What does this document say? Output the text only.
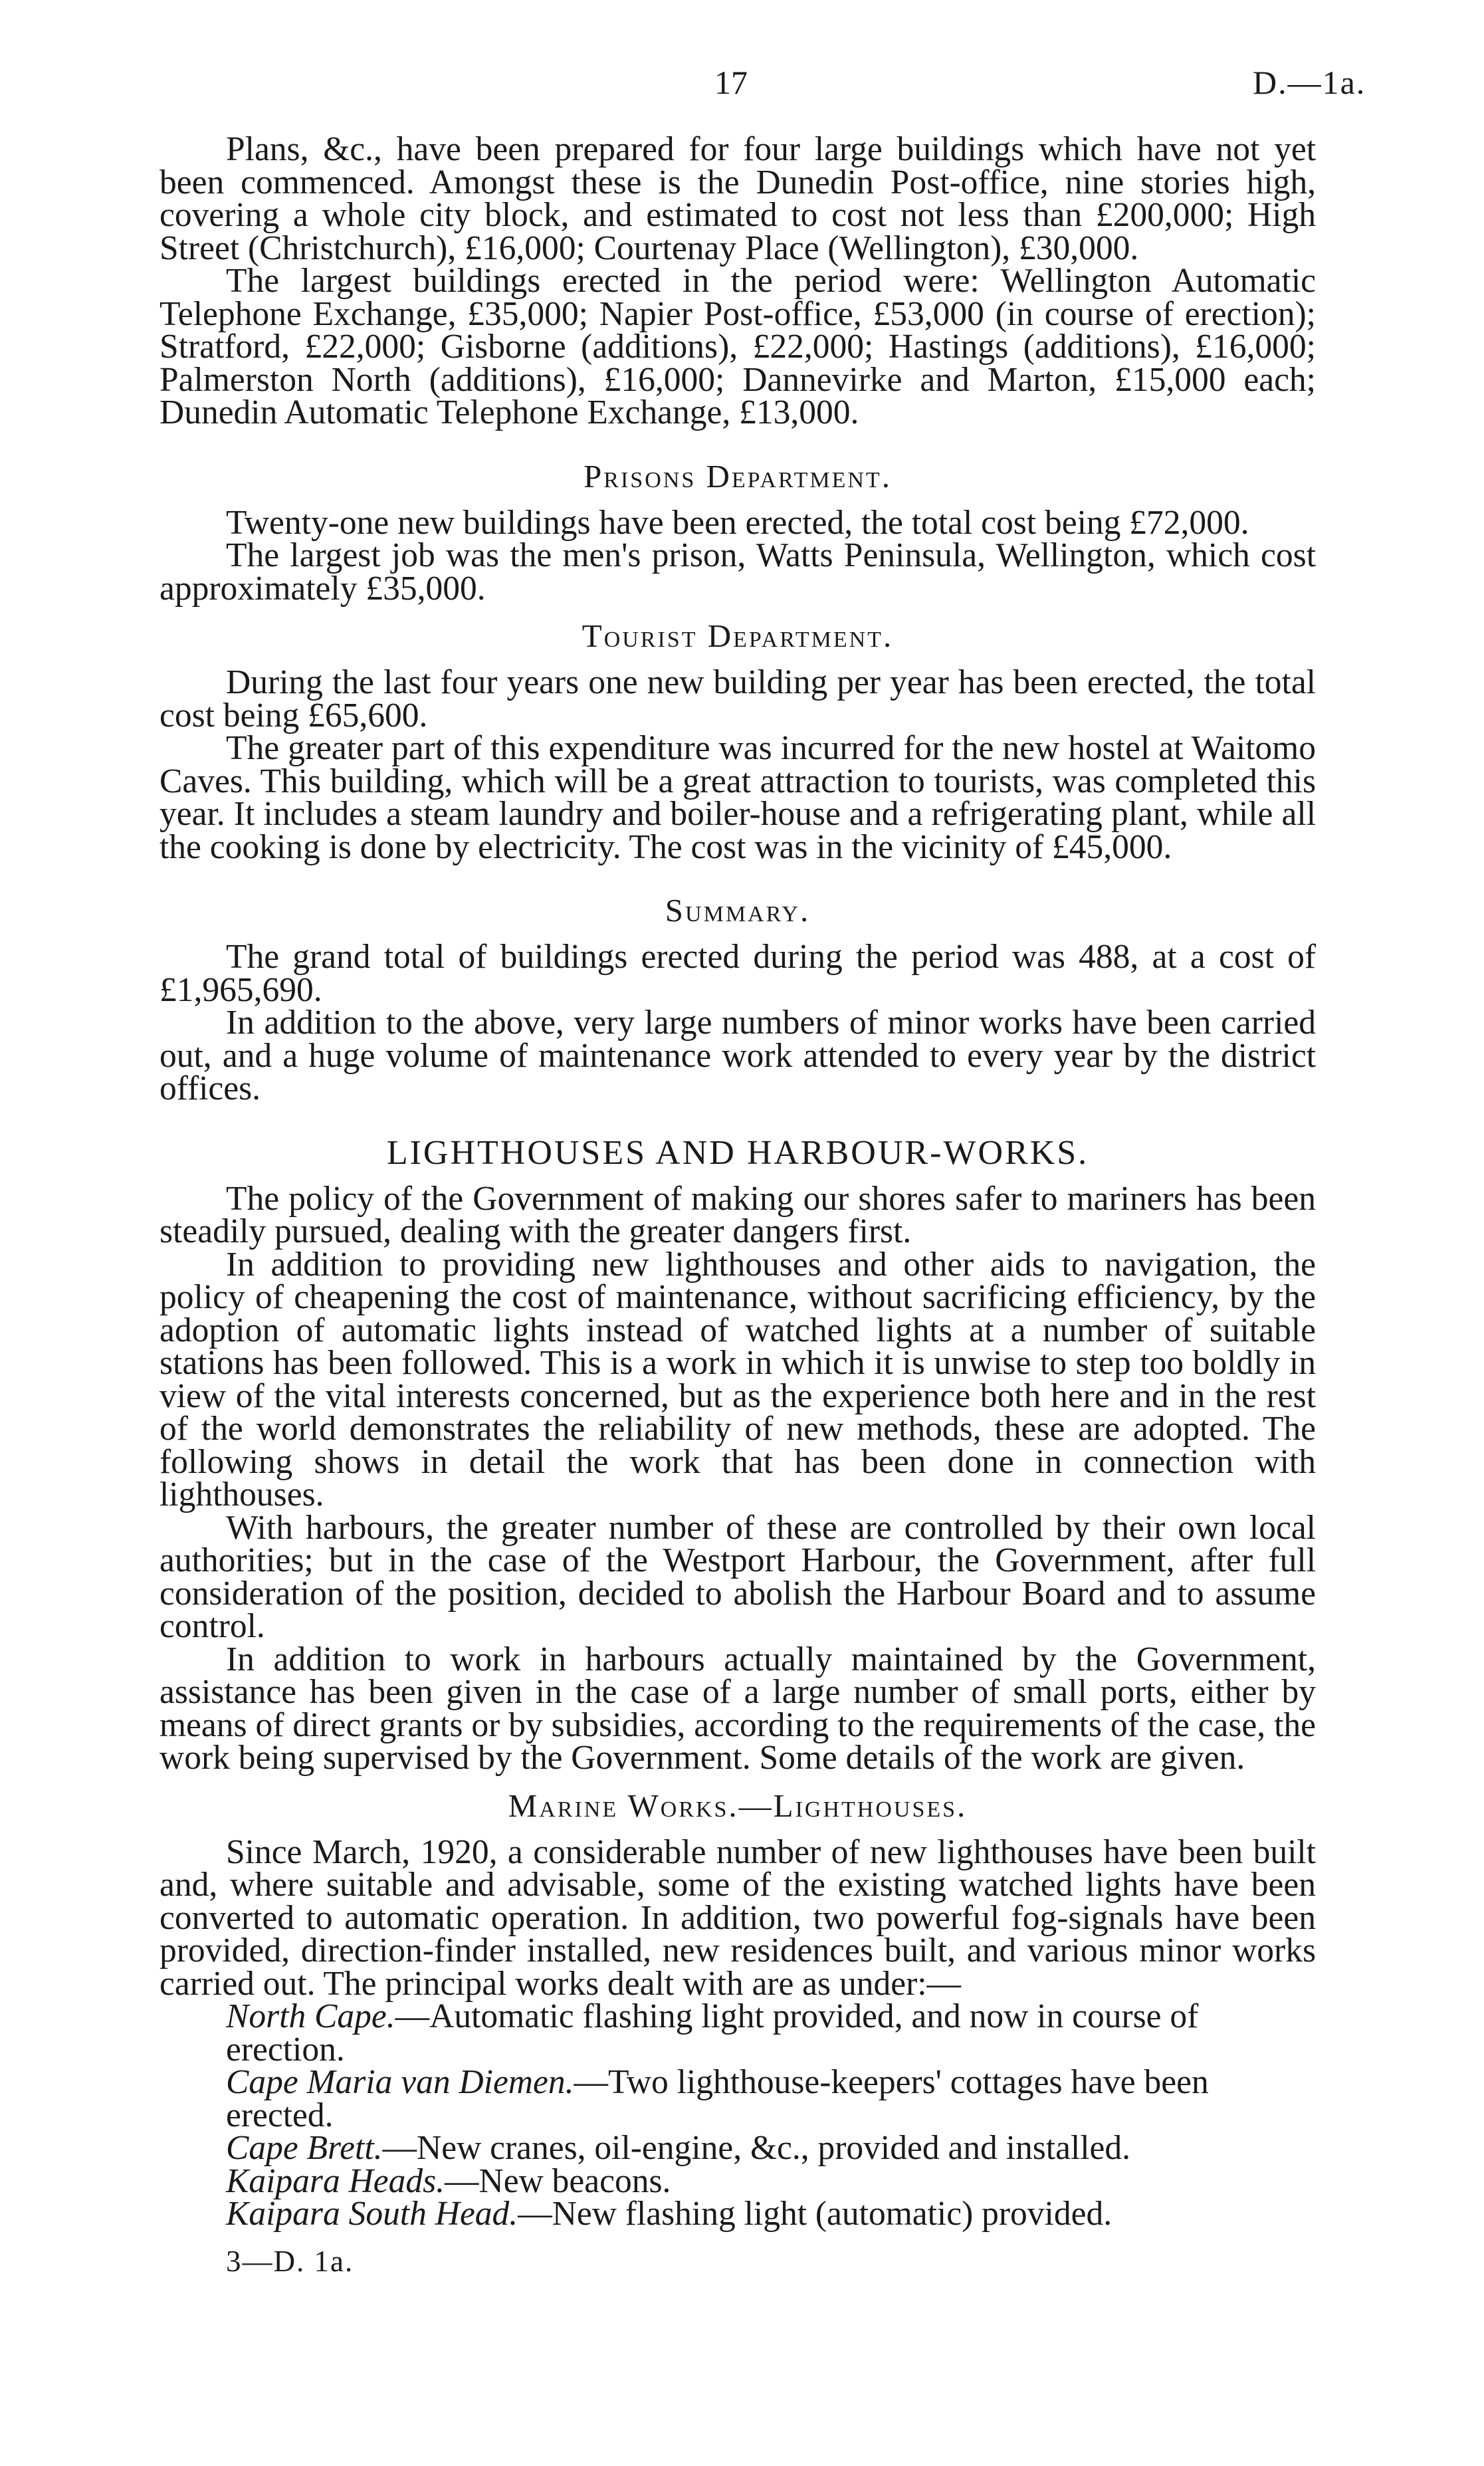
17	D.—1a.

Plans, &c., have been prepared for four large buildings which have not yet been commenced. Amongst these is the Dunedin Post-office, nine stories high, covering a whole city block, and estimated to cost not less than £200,000; High Street (Christchurch), £16,000; Courtenay Place (Wellington), £30,000.

The largest buildings erected in the period were: Wellington Automatic Telephone Exchange, £35,000; Napier Post-office, £53,000 (in course of erection); Stratford, £22,000; Gisborne (additions), £22,000; Hastings (additions), £16,000; Palmerston North (additions), £16,000; Dannevirke and Marton, £15,000 each; Dunedin Automatic Telephone Exchange, £13,000.

Prisons Department.

Twenty-one new buildings have been erected, the total cost being £72,000.

The largest job was the men's prison, Watts Peninsula, Wellington, which cost approximately £35,000.

Tourist Department.

During the last four years one new building per year has been erected, the total cost being £65,600.

The greater part of this expenditure was incurred for the new hostel at Waitomo Caves. This building, which will be a great attraction to tourists, was completed this year. It includes a steam laundry and boiler-house and a refrigerating plant, while all the cooking is done by electricity. The cost was in the vicinity of £45,000.

Summary.

The grand total of buildings erected during the period was 488, at a cost of £1,965,690.

In addition to the above, very large numbers of minor works have been carried out, and a huge volume of maintenance work attended to every year by the district offices.

LIGHTHOUSES AND HARBOUR-WORKS.

The policy of the Government of making our shores safer to mariners has been steadily pursued, dealing with the greater dangers first.

In addition to providing new lighthouses and other aids to navigation, the policy of cheapening the cost of maintenance, without sacrificing efficiency, by the adoption of automatic lights instead of watched lights at a number of suitable stations has been followed. This is a work in which it is unwise to step too boldly in view of the vital interests concerned, but as the experience both here and in the rest of the world demonstrates the reliability of new methods, these are adopted. The following shows in detail the work that has been done in connection with lighthouses.

With harbours, the greater number of these are controlled by their own local authorities; but in the case of the Westport Harbour, the Government, after full consideration of the position, decided to abolish the Harbour Board and to assume control.

In addition to work in harbours actually maintained by the Government, assistance has been given in the case of a large number of small ports, either by means of direct grants or by subsidies, according to the requirements of the case, the work being supervised by the Government. Some details of the work are given.

Marine Works.—Lighthouses.

Since March, 1920, a considerable number of new lighthouses have been built and, where suitable and advisable, some of the existing watched lights have been converted to automatic operation. In addition, two powerful fog-signals have been provided, direction-finder installed, new residences built, and various minor works carried out. The principal works dealt with are as under:—

North Cape.—Automatic flashing light provided, and now in course of erection.
Cape Maria van Diemen.—Two lighthouse-keepers' cottages have been erected.
Cape Brett.—New cranes, oil-engine, &c., provided and installed.
Kaipara Heads.—New beacons.
Kaipara South Head.—New flashing light (automatic) provided.
3—D. 1a.
